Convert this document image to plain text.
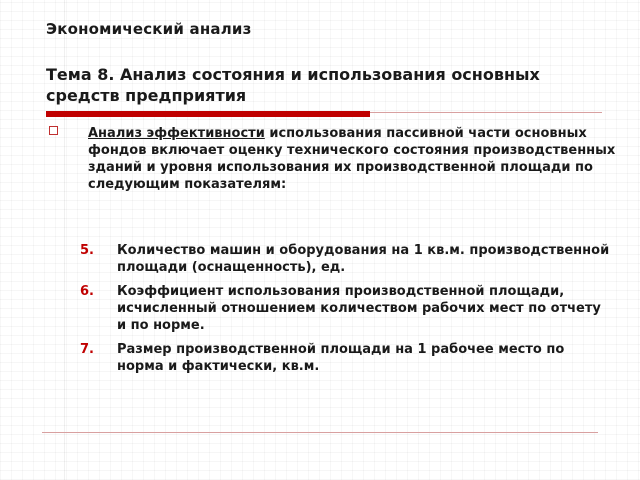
Экономический анализ
Тема 8. Анализ состояния и использования основных средств предприятия

Анализ эффективности использования пассивной части основных фондов включает оценку технического состояния производственных зданий и уровня использования их производственной площади по следующим показателям:

5.	Количество машин и оборудования на 1 кв.м. производственной площади (оснащенность), ед.
6.	Коэффициент использования производственной площади, исчисленный отношением количеством рабочих мест по отчету и по норме.
7.	Размер производственной площади на 1 рабочее место по норма и фактически, кв.м.
